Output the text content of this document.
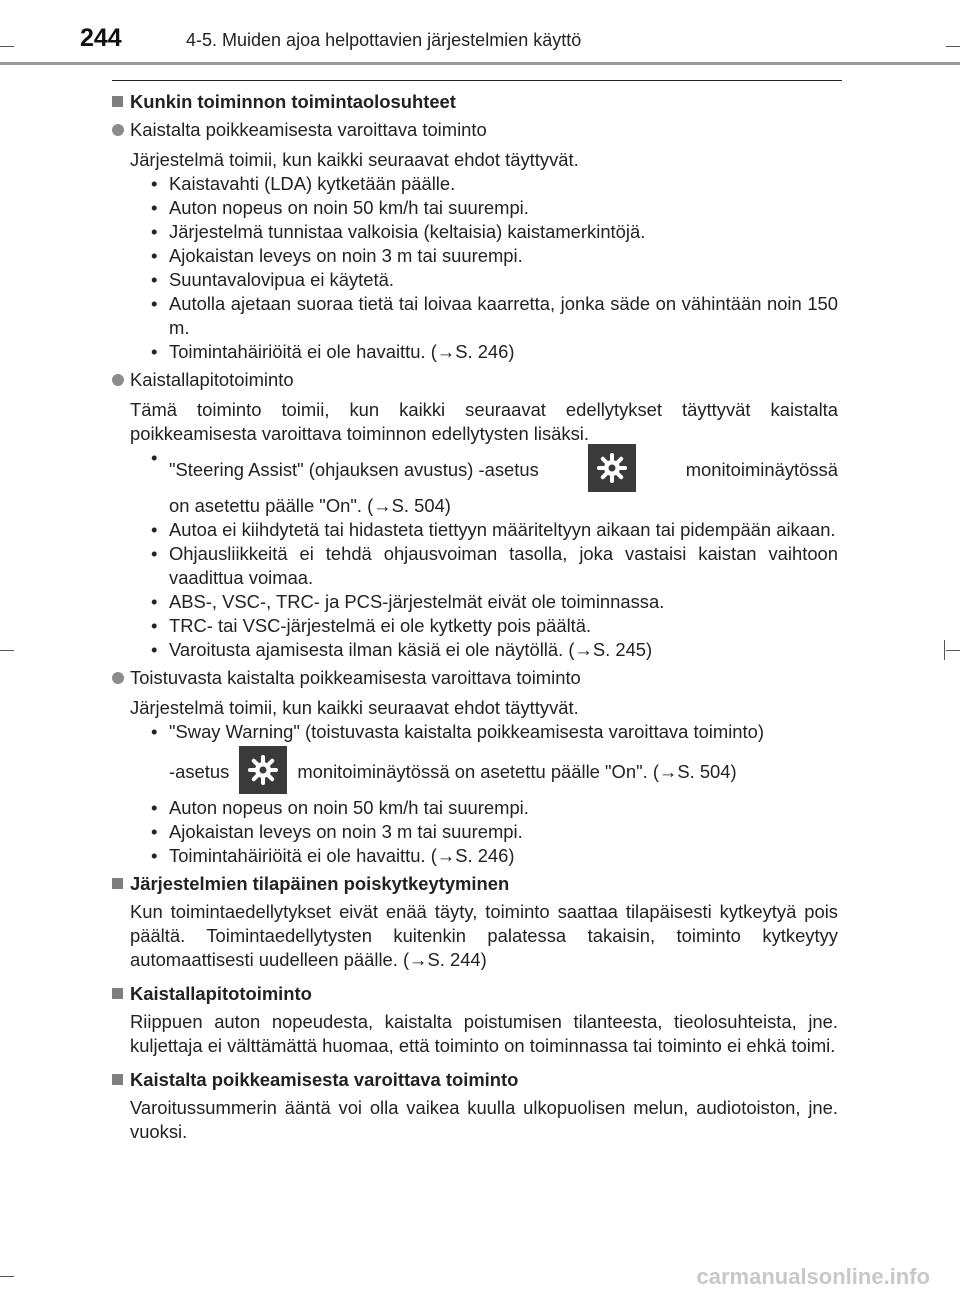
244	4-5. Muiden ajoa helpottavien järjestelmien käyttö

Kunkin toiminnon toimintaolosuhteet

Kaistalta poikkeamisesta varoittava toiminto

Järjestelmä toimii, kun kaikki seuraavat ehdot täyttyvät.

• Kaistavahti (LDA) kytketään päälle.
• Auton nopeus on noin 50 km/h tai suurempi.
• Järjestelmä tunnistaa valkoisia (keltaisia) kaistamerkintöjä.
• Ajokaistan leveys on noin 3 m tai suurempi.
• Suuntavalovipua ei käytetä.
• Autolla ajetaan suoraa tietä tai loivaa kaarretta, jonka säde on vähintään noin 150 m.
• Toimintahäiriöitä ei ole havaittu. (→S. 246)

Kaistallapitotoiminto

Tämä toiminto toimii, kun kaikki seuraavat edellytykset täyttyvät kaistalta poikkeamisesta varoittava toiminnon edellytysten lisäksi.

• "Steering Assist" (ohjauksen avustus) -asetus	monitoiminäytössä
on asetettu päälle "On". (→S. 504)
• Autoa ei kiihdytetä tai hidasteta tiettyyn määriteltyyn aikaan tai pidempään aikaan.
• Ohjausliikkeitä ei tehdä ohjausvoiman tasolla, joka vastaisi kaistan vaihtoon vaadittua voimaa.
• ABS-, VSC-, TRC- ja PCS-järjestelmät eivät ole toiminnassa.
• TRC- tai VSC-järjestelmä ei ole kytketty pois päältä.
• Varoitusta ajamisesta ilman käsiä ei ole näytöllä. (→S. 245)

Toistuvasta kaistalta poikkeamisesta varoittava toiminto

Järjestelmä toimii, kun kaikki seuraavat ehdot täyttyvät.

• "Sway Warning" (toistuvasta kaistalta poikkeamisesta varoittava toiminto)
-asetus	monitoiminäytössä on asetettu päälle "On". (→S. 504)
• Auton nopeus on noin 50 km/h tai suurempi.
• Ajokaistan leveys on noin 3 m tai suurempi.
• Toimintahäiriöitä ei ole havaittu. (→S. 246)

Järjestelmien tilapäinen poiskytkeytyminen

Kun toimintaedellytykset eivät enää täyty, toiminto saattaa tilapäisesti kytkeytyä pois päältä. Toimintaedellytysten kuitenkin palatessa takaisin, toiminto kytkeytyy automaattisesti uudelleen päälle. (→S. 244)

Kaistallapitotoiminto

Riippuen auton nopeudesta, kaistalta poistumisen tilanteesta, tieolosuhteista, jne. kuljettaja ei välttämättä huomaa, että toiminto on toiminnassa tai toiminto ei ehkä toimi.

Kaistalta poikkeamisesta varoittava toiminto

Varoitussummerin ääntä voi olla vaikea kuulla ulkopuolisen melun, audiotoiston, jne. vuoksi.

carmanualsonline.info
